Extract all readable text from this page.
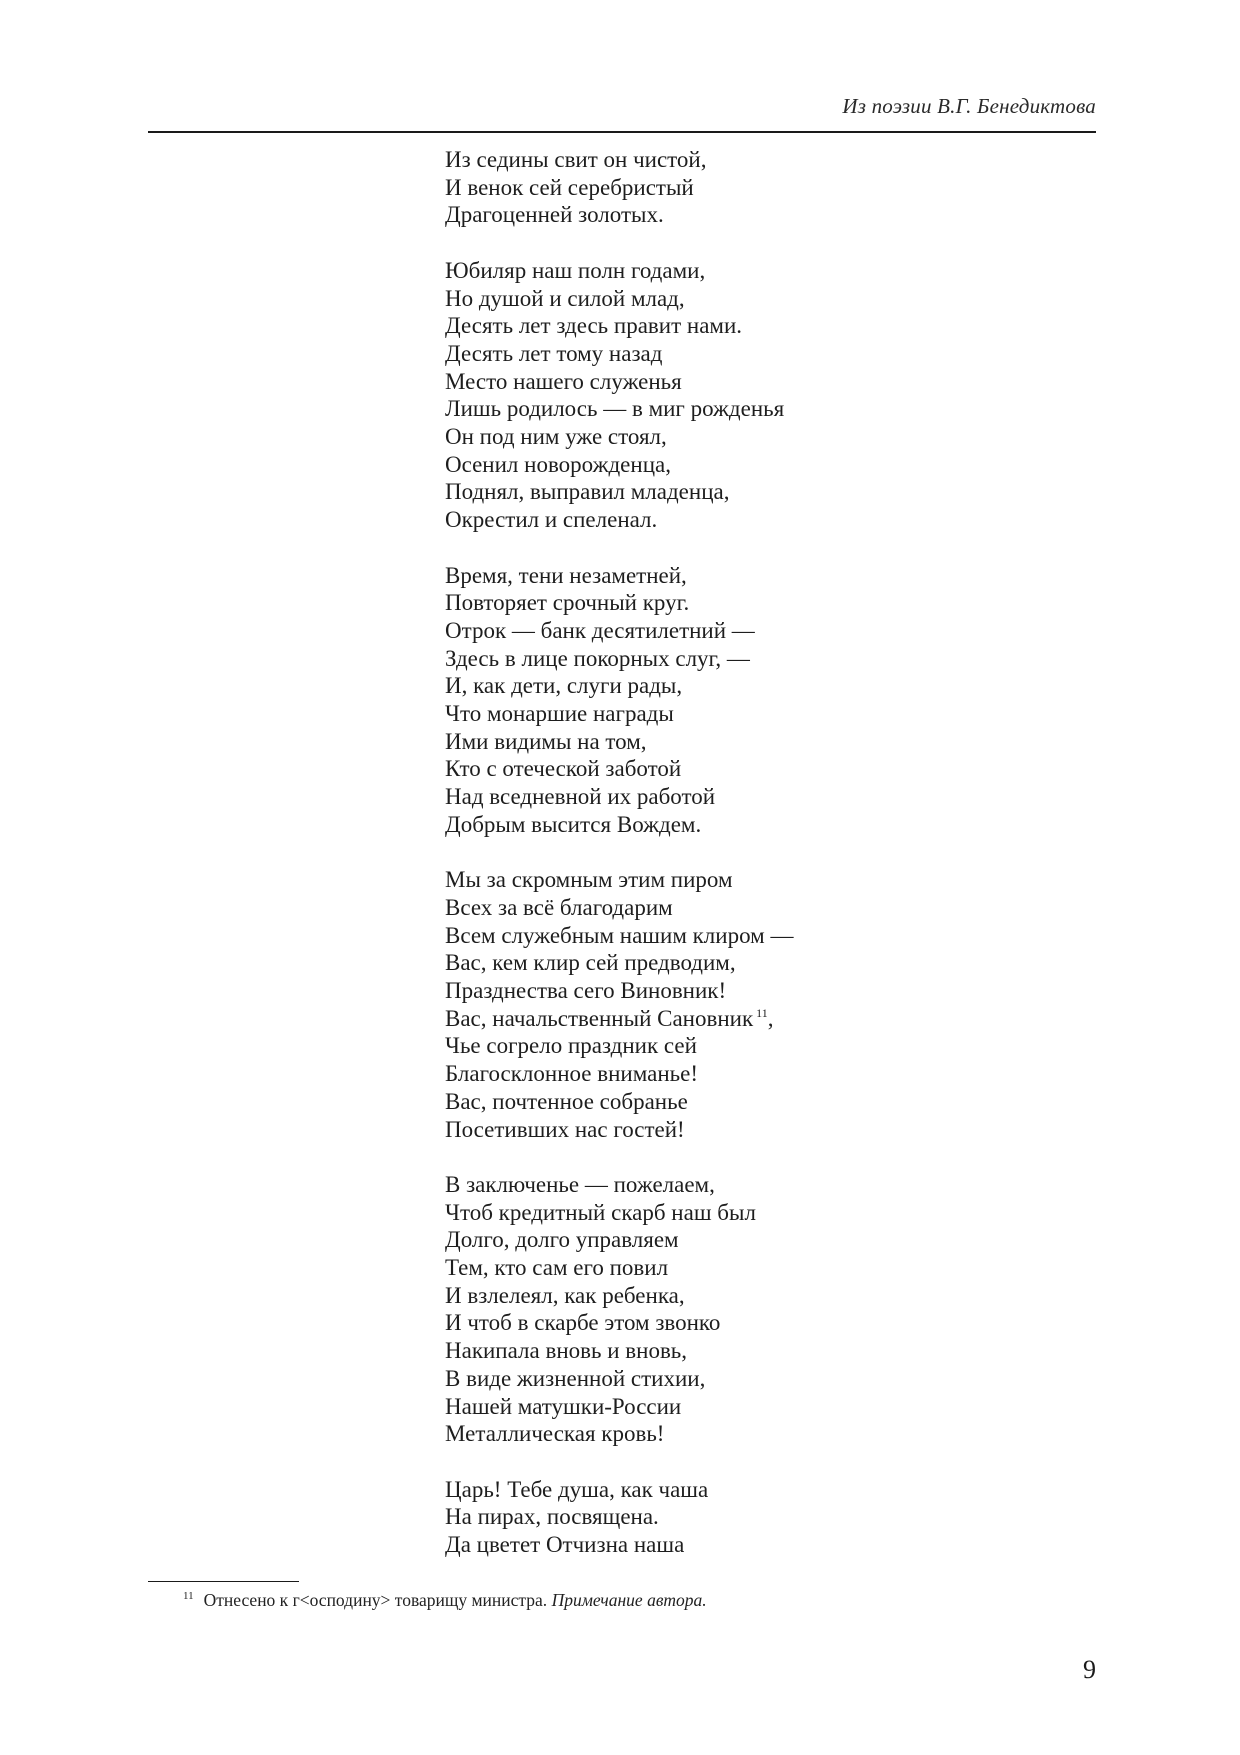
Из поэзии В.Г. Бенедиктова
Из седины свит он чистой,
И венок сей серебристый
Драгоценней золотых.
Юбиляр наш полн годами,
Но душой и силой млад,
Десять лет здесь правит нами.
Десять лет тому назад
Место нашего служенья
Лишь родилось — в миг рожденья
Он под ним уже стоял,
Осенил новорожденца,
Поднял, выправил младенца,
Окрестил и спеленал.
Время, тени незаметней,
Повторяет срочный круг.
Отрок — банк десятилетний —
Здесь в лице покорных слуг, —
И, как дети, слуги рады,
Что монаршие награды
Ими видимы на том,
Кто с отеческой заботой
Над вседневной их работой
Добрым высится Вождем.
Мы за скромным этим пиром
Всех за всё благодарим
Всем служебным нашим клиром —
Вас, кем клир сей предводим,
Празднества сего Виновник!
Вас, начальственный Сановник $^{11}$,
Чье согрело праздник сей
Благосклонное вниманье!
Вас, почтенное собранье
Посетивших нас гостей!
В заключенье — пожелаем,
Чтоб кредитный скарб наш был
Долго, долго управляем
Тем, кто сам его повил
И взлелеял, как ребенка,
И чтоб в скарбе этом звонко
Накипала вновь и вновь,
В виде жизненной стихии,
Нашей матушки-России
Металлическая кровь!
Царь! Тебе душа, как чаша
На пирах, посвящена.
Да цветет Отчизна наша
$^{11}$ Отнесено к г<осподину> товарищу министра. Примечание автора.
9
